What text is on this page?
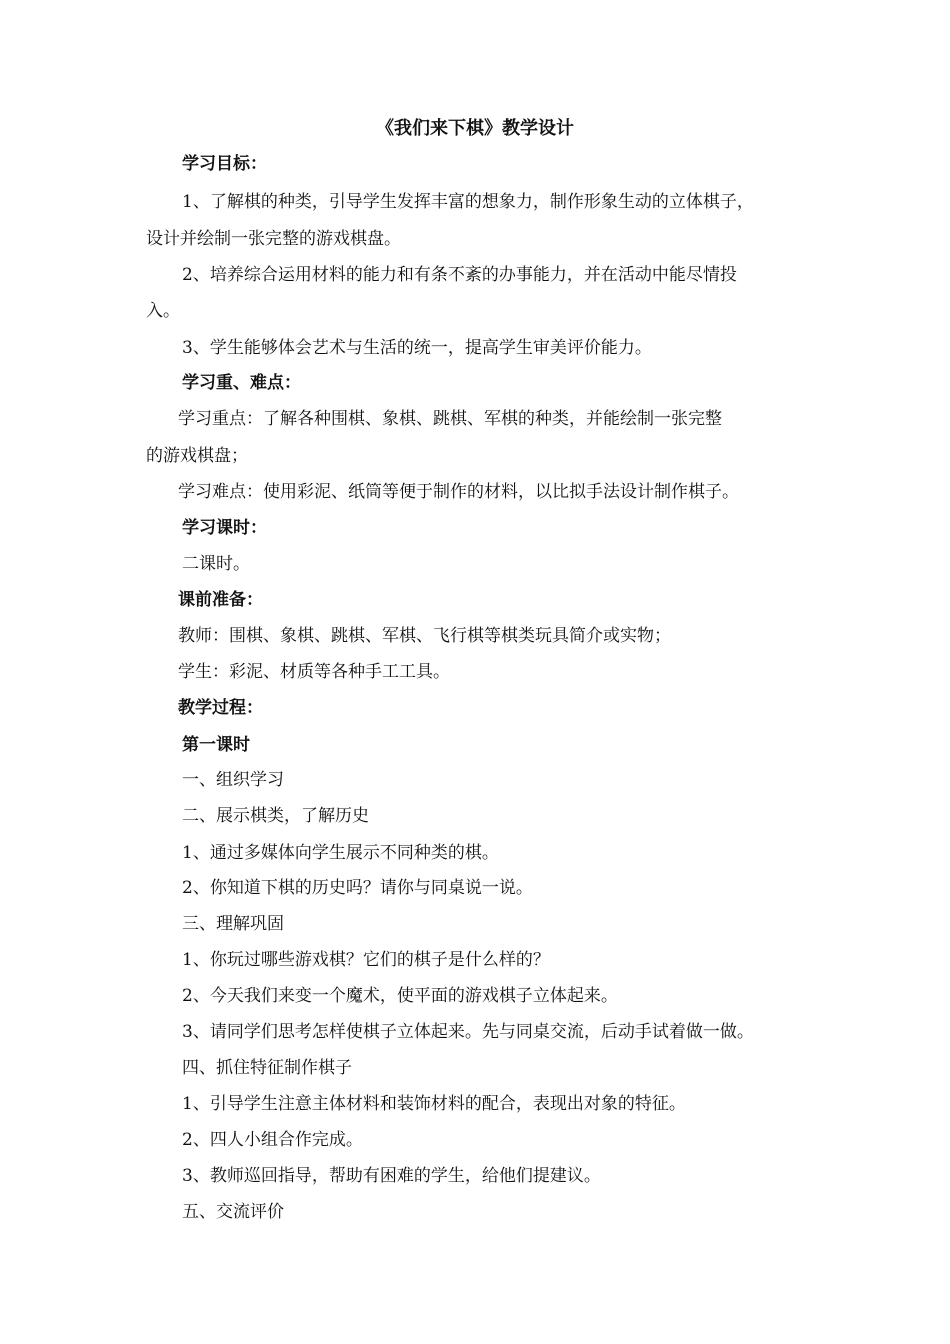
《我们来下棋》教学设计
学习目标：
1、了解棋的种类，引导学生发挥丰富的想象力，制作形象生动的立体棋子，
设计并绘制一张完整的游戏棋盘。
2、培养综合运用材料的能力和有条不紊的办事能力，并在活动中能尽情投
入。
3、学生能够体会艺术与生活的统一，提高学生审美评价能力。
学习重、难点：
学习重点：了解各种围棋、象棋、跳棋、军棋的种类，并能绘制一张完整
的游戏棋盘；
学习难点：使用彩泥、纸筒等便于制作的材料，以比拟手法设计制作棋子。
学习课时：
二课时。
课前准备：
教师：围棋、象棋、跳棋、军棋、飞行棋等棋类玩具简介或实物；
学生：彩泥、材质等各种手工工具。
教学过程：
第一课时
一、组织学习
二、展示棋类，了解历史
1、通过多媒体向学生展示不同种类的棋。
2、你知道下棋的历史吗？请你与同桌说一说。
三、理解巩固
1、你玩过哪些游戏棋？它们的棋子是什么样的？
2、今天我们来变一个魔术，使平面的游戏棋子立体起来。
3、请同学们思考怎样使棋子立体起来。先与同桌交流，后动手试着做一做。
四、抓住特征制作棋子
1、引导学生注意主体材料和装饰材料的配合，表现出对象的特征。
2、四人小组合作完成。
3、教师巡回指导，帮助有困难的学生，给他们提建议。
五、交流评价
